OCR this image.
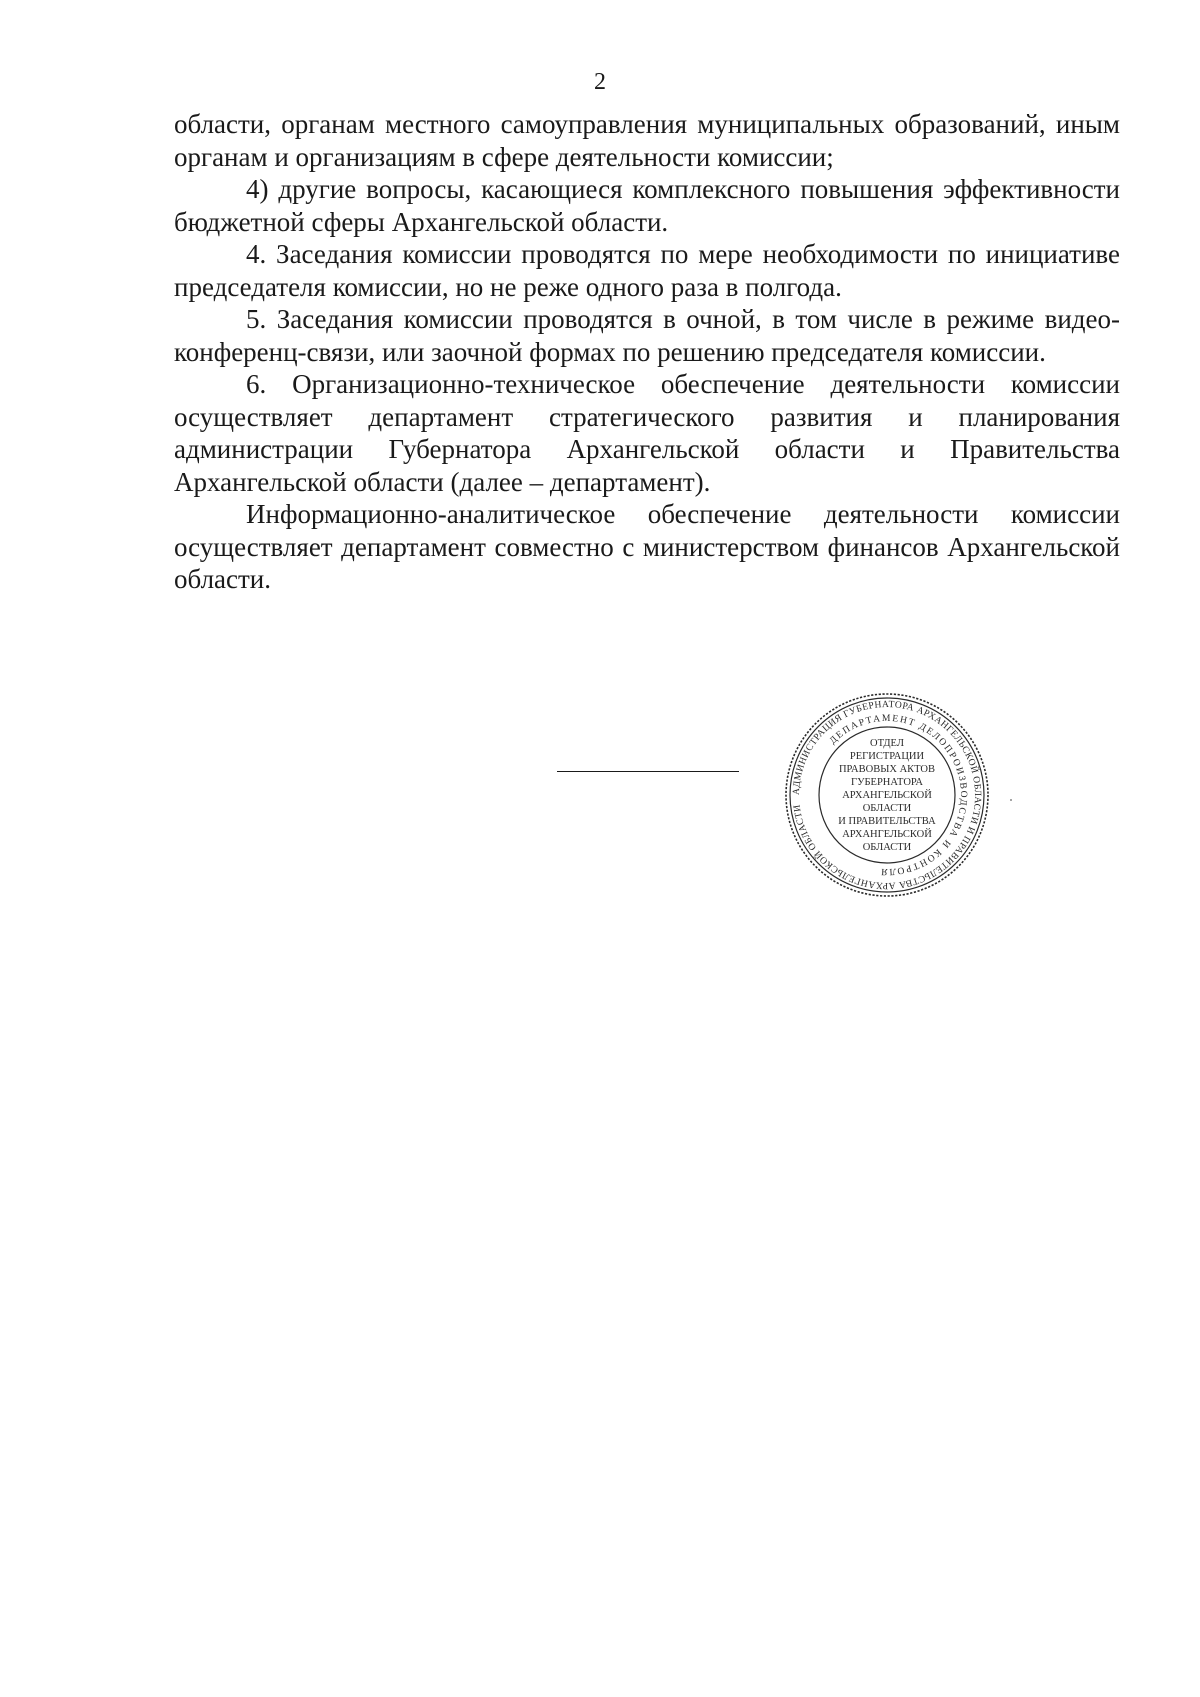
2

области, органам местного самоуправления муниципальных образований, иным органам и организациям в сфере деятельности комиссии;

4) другие вопросы, касающиеся комплексного повышения эффективности бюджетной сферы Архангельской области.

4. Заседания комиссии проводятся по мере необходимости по инициативе председателя комиссии, но не реже одного раза в полгода.

5. Заседания комиссии проводятся в очной, в том числе в режиме видео-конференц-связи, или заочной формах по решению председателя комиссии.

6. Организационно-техническое обеспечение деятельности комиссии осуществляет департамент стратегического развития и планирования администрации Губернатора Архангельской области и Правительства Архангельской области (далее – департамент).

Информационно-аналитическое обеспечение деятельности комиссии осуществляет департамент совместно с министерством финансов Архангельской области.

АДМИНИСТРАЦИЯ ГУБЕРНАТОРА АРХАНГЕЛЬСКОЙ ОБЛАСТИ И ПРАВИТЕЛЬСТВА АРХАНГЕЛЬСКОЙ ОБЛАСТИ
ДЕПАРТАМЕНТ ДЕЛОПРОИЗВОДСТВА И КОНТРОЛЯ
ОТДЕЛ
РЕГИСТРАЦИИ
ПРАВОВЫХ АКТОВ
ГУБЕРНАТОРА
АРХАНГЕЛЬСКОЙ
ОБЛАСТИ
И ПРАВИТЕЛЬСТВА
АРХАНГЕЛЬСКОЙ
ОБЛАСТИ
